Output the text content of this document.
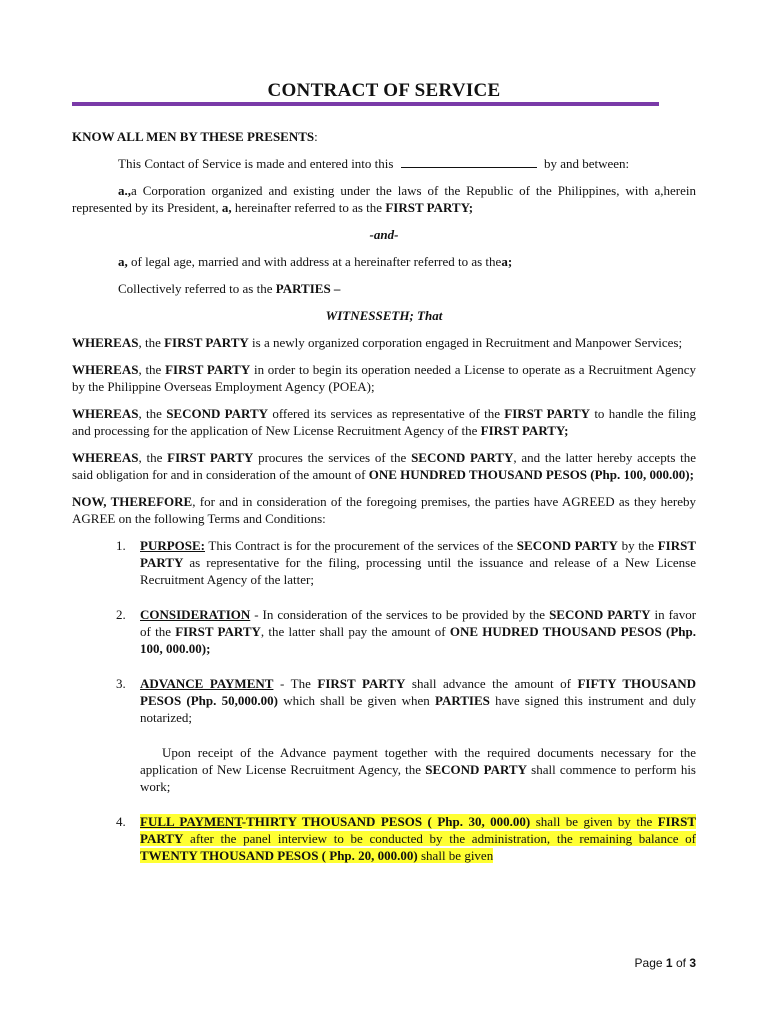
CONTRACT OF SERVICE

KNOW ALL MEN BY THESE PRESENTS:

This Contact of Service is made and entered into this	by and between:

a.,a Corporation organized and existing under the laws of the Republic of the Philippines, with a,herein represented by its President, a, hereinafter referred to as the FIRST PARTY;

-and-

a, of legal age, married and with address at a hereinafter referred to as thea;

Collectively referred to as the PARTIES –

WITNESSETH; That

WHEREAS, the FIRST PARTY is a newly organized corporation engaged in Recruitment and Manpower Services;

WHEREAS, the FIRST PARTY in order to begin its operation needed a License to operate as a Recruitment Agency by the Philippine Overseas Employment Agency (POEA);

WHEREAS, the SECOND PARTY offered its services as representative of the FIRST PARTY to handle the filing and processing for the application of New License Recruitment Agency of the FIRST PARTY;

WHEREAS, the FIRST PARTY procures the services of the SECOND PARTY, and the latter hereby accepts the said obligation for and in consideration of the amount of ONE HUNDRED THOUSAND PESOS (Php. 100, 000.00);

NOW, THEREFORE, for and in consideration of the foregoing premises, the parties have AGREED as they hereby AGREE on the following Terms and Conditions:

1. PURPOSE: This Contract is for the procurement of the services of the SECOND PARTY by the FIRST PARTY as representative for the filing, processing until the issuance and release of a New License Recruitment Agency of the latter;

2. CONSIDERATION - In consideration of the services to be provided by the SECOND PARTY in favor of the FIRST PARTY, the latter shall pay the amount of ONE HUDRED THOUSAND PESOS (Php. 100, 000.00);

3. ADVANCE PAYMENT - The FIRST PARTY shall advance the amount of FIFTY THOUSAND PESOS (Php. 50,000.00) which shall be given when PARTIES have signed this instrument and duly notarized;

Upon receipt of the Advance payment together with the required documents necessary for the application of New License Recruitment Agency, the SECOND PARTY shall commence to perform his work;

4. FULL PAYMENT-THIRTY THOUSAND PESOS ( Php. 30, 000.00) shall be given by the FIRST PARTY after the panel interview to be conducted by the administration, the remaining balance of TWENTY THOUSAND PESOS ( Php. 20, 000.00) shall be given

Page 1 of 3
